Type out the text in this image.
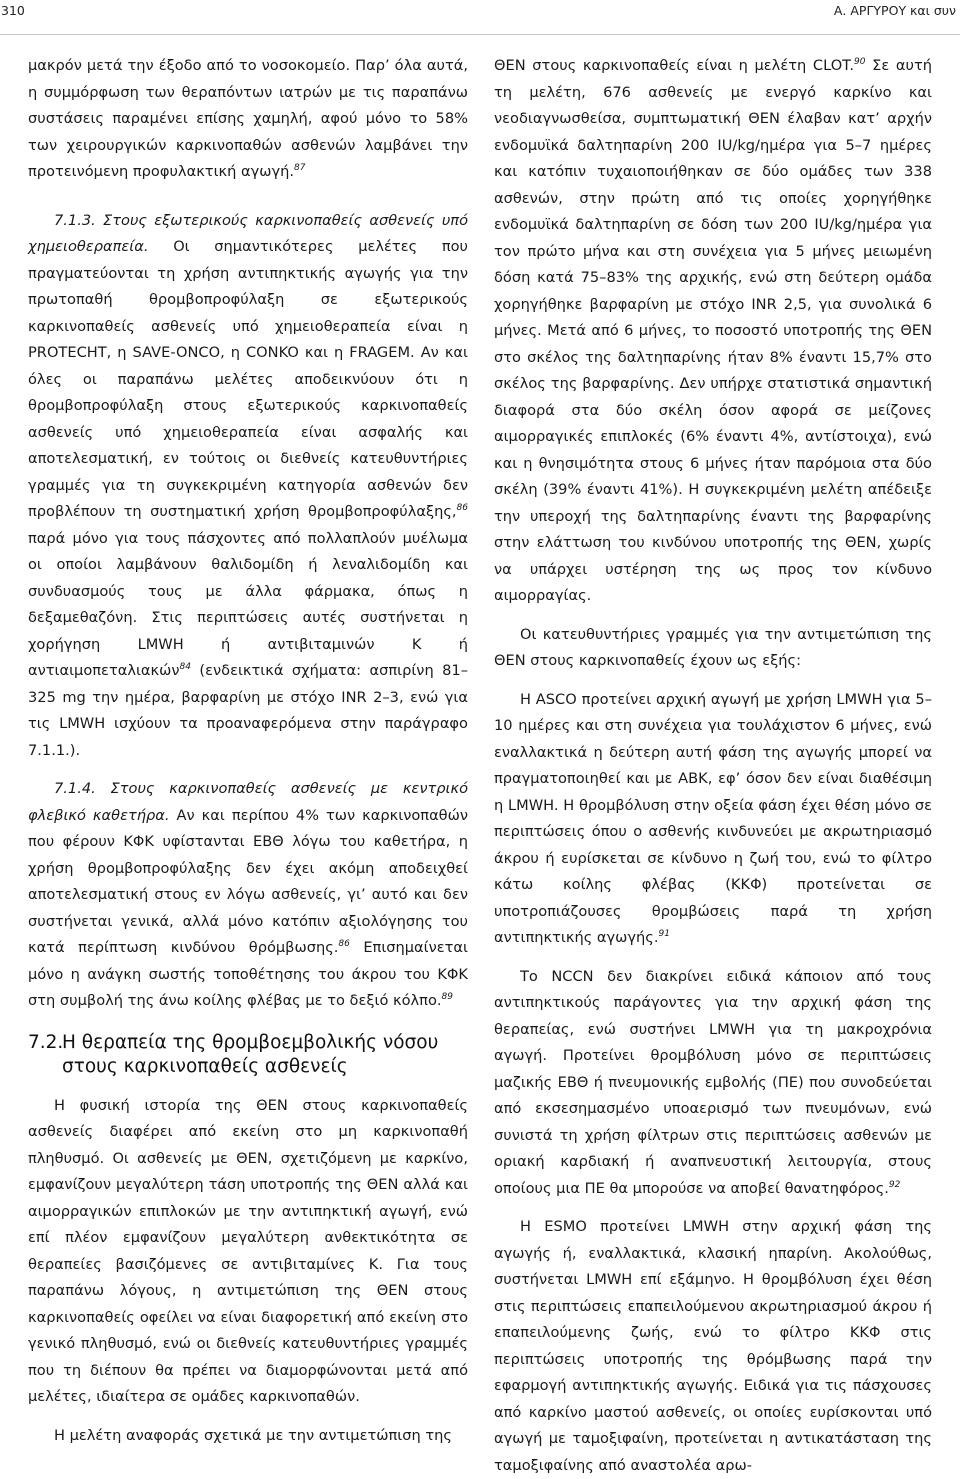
310	Α. ΑΡΓΥΡΟΥ και συν

μακρόν μετά την έξοδο από το νοσοκομείο. Παρ’ όλα αυτά, η συμμόρφωση των θεραπόντων ιατρών με τις παραπάνω συστάσεις παραμένει επίσης χαμηλή, αφού μόνο το 58% των χειρουργικών καρκινοπαθών ασθενών λαμβάνει την προτεινόμενη προφυλακτική αγωγή.$^{87}$

7.1.3. Στους εξωτερικούς καρκινοπαθείς ασθενείς υπό χημειοθεραπεία. Οι σημαντικότερες μελέτες που πραγματεύονται τη χρήση αντιπηκτικής αγωγής για την πρωτοπαθή θρομβοπροφύλαξη σε εξωτερικούς καρκινοπαθείς ασθενείς υπό χημειοθεραπεία είναι η PROTECHT, η SAVE-ONCO, η CONKO και η FRAGEM. Αν και όλες οι παραπάνω μελέτες αποδεικνύουν ότι η θρομβοπροφύλαξη στους εξωτερικούς καρκινοπαθείς ασθενείς υπό χημειοθεραπεία είναι ασφαλής και αποτελεσματική, εν τούτοις οι διεθνείς κατευθυντήριες γραμμές για τη συγκεκριμένη κατηγορία ασθενών δεν προβλέπουν τη συστηματική χρήση θρομβοπροφύλαξης,$^{86}$ παρά μόνο για τους πάσχοντες από πολλαπλούν μυέλωμα οι οποίοι λαμβάνουν θαλιδομίδη ή λεναλιδομίδη και συνδυασμούς τους με άλλα φάρμακα, όπως η δεξαμεθαζόνη. Στις περιπτώσεις αυτές συστήνεται η χορήγηση LMWH ή αντιβιταμινών Κ ή αντιαιμοπεταλιακών$^{84}$ (ενδεικτικά σχήματα: ασπιρίνη 81–325 mg την ημέρα, βαρφαρίνη με στόχο INR 2–3, ενώ για τις LMWH ισχύουν τα προαναφερόμενα στην παράγραφο 7.1.1.).

7.1.4. Στους καρκινοπαθείς ασθενείς με κεντρικό φλεβικό καθετήρα. Αν και περίπου 4% των καρκινοπαθών που φέρουν ΚΦΚ υφίστανται ΕΒΘ λόγω του καθετήρα, η χρήση θρομβοπροφύλαξης δεν έχει ακόμη αποδειχθεί αποτελεσματική στους εν λόγω ασθενείς, γι’ αυτό και δεν συστήνεται γενικά, αλλά μόνο κατόπιν αξιολόγησης του κατά περίπτωση κινδύνου θρόμβωσης.$^{86}$ Επισημαίνεται μόνο η ανάγκη σωστής τοποθέτησης του άκρου του ΚΦΚ στη συμβολή της άνω κοίλης φλέβας με το δεξιό κόλπο.$^{89}$

7.2.Η θεραπεία της θρομβοεμβολικής νόσου
στους καρκινοπαθείς ασθενείς

Η φυσική ιστορία της ΘΕΝ στους καρκινοπαθείς ασθενείς διαφέρει από εκείνη στο μη καρκινοπαθή πληθυσμό. Οι ασθενείς με ΘΕΝ, σχετιζόμενη με καρκίνο, εμφανίζουν μεγαλύτερη τάση υποτροπής της ΘΕΝ αλλά και αιμορραγικών επιπλοκών με την αντιπηκτική αγωγή, ενώ επί πλέον εμφανίζουν μεγαλύτερη ανθεκτικότητα σε θεραπείες βασιζόμενες σε αντιβιταμίνες Κ. Για τους παραπάνω λόγους, η αντιμετώπιση της ΘΕΝ στους καρκινοπαθείς οφείλει να είναι διαφορετική από εκείνη στο γενικό πληθυσμό, ενώ οι διεθνείς κατευθυντήριες γραμμές που τη διέπουν θα πρέπει να διαμορφώνονται μετά από μελέτες, ιδιαίτερα σε ομάδες καρκινοπαθών.

Η μελέτη αναφοράς σχετικά με την αντιμετώπιση της

ΘΕΝ στους καρκινοπαθείς είναι η μελέτη CLOT.$^{90}$ Σε αυτή τη μελέτη, 676 ασθενείς με ενεργό καρκίνο και νεοδιαγνωσθείσα, συμπτωματική ΘΕΝ έλαβαν κατ’ αρχήν ενδομυϊκά δαλτηπαρίνη 200 IU/kg/ημέρα για 5–7 ημέρες και κατόπιν τυχαιοποιήθηκαν σε δύο ομάδες των 338 ασθενών, στην πρώτη από τις οποίες χορηγήθηκε ενδομυϊκά δαλτηπαρίνη σε δόση των 200 IU/kg/ημέρα για τον πρώτο μήνα και στη συνέχεια για 5 μήνες μειωμένη δόση κατά 75–83% της αρχικής, ενώ στη δεύτερη ομάδα χορηγήθηκε βαρφαρίνη με στόχο INR 2,5, για συνολικά 6 μήνες. Μετά από 6 μήνες, το ποσοστό υποτροπής της ΘΕΝ στο σκέλος της δαλτηπαρίνης ήταν 8% έναντι 15,7% στο σκέλος της βαρφαρίνης. Δεν υπήρχε στατιστικά σημαντική διαφορά στα δύο σκέλη όσον αφορά σε μείζονες αιμορραγικές επιπλοκές (6% έναντι 4%, αντίστοιχα), ενώ και η θνησιμότητα στους 6 μήνες ήταν παρόμοια στα δύο σκέλη (39% έναντι 41%). Η συγκεκριμένη μελέτη απέδειξε την υπεροχή της δαλτηπαρίνης έναντι της βαρφαρίνης στην ελάττωση του κινδύνου υποτροπής της ΘΕΝ, χωρίς να υπάρχει υστέρηση της ως προς τον κίνδυνο αιμορραγίας.

Οι κατευθυντήριες γραμμές για την αντιμετώπιση της ΘΕΝ στους καρκινοπαθείς έχουν ως εξής:

Η ASCO προτείνει αρχική αγωγή με χρήση LMWH για 5–10 ημέρες και στη συνέχεια για τουλάχιστον 6 μήνες, ενώ εναλλακτικά η δεύτερη αυτή φάση της αγωγής μπορεί να πραγματοποιηθεί και με ΑΒΚ, εφ’ όσον δεν είναι διαθέσιμη η LMWH. Η θρομβόλυση στην οξεία φάση έχει θέση μόνο σε περιπτώσεις όπου ο ασθενής κινδυνεύει με ακρωτηριασμό άκρου ή ευρίσκεται σε κίνδυνο η ζωή του, ενώ το φίλτρο κάτω κοίλης φλέβας (ΚΚΦ) προτείνεται σε υποτροπιάζουσες θρομβώσεις παρά τη χρήση αντιπηκτικής αγωγής.$^{91}$

Το NCCN δεν διακρίνει ειδικά κάποιον από τους αντιπηκτικούς παράγοντες για την αρχική φάση της θεραπείας, ενώ συστήνει LMWH για τη μακροχρόνια αγωγή. Προτείνει θρομβόλυση μόνο σε περιπτώσεις μαζικής ΕΒΘ ή πνευμονικής εμβολής (ΠΕ) που συνοδεύεται από εκσεσημασμένο υποαερισμό των πνευμόνων, ενώ συνιστά τη χρήση φίλτρων στις περιπτώσεις ασθενών με οριακή καρδιακή ή αναπνευστική λειτουργία, στους οποίους μια ΠΕ θα μπορούσε να αποβεί θανατηφόρος.$^{92}$

Η ESMO προτείνει LMWH στην αρχική φάση της αγωγής ή, εναλλακτικά, κλασική ηπαρίνη. Ακολούθως, συστήνεται LMWH επί εξάμηνο. Η θρομβόλυση έχει θέση στις περιπτώσεις επαπειλούμενου ακρωτηριασμού άκρου ή επαπειλούμενης ζωής, ενώ το φίλτρο ΚΚΦ στις περιπτώσεις υποτροπής της θρόμβωσης παρά την εφαρμογή αντιπηκτικής αγωγής. Ειδικά για τις πάσχουσες από καρκίνο μαστού ασθενείς, οι οποίες ευρίσκονται υπό αγωγή με ταμοξιφαίνη, προτείνεται η αντικατάσταση της ταμοξιφαίνης από αναστολέα αρω-
